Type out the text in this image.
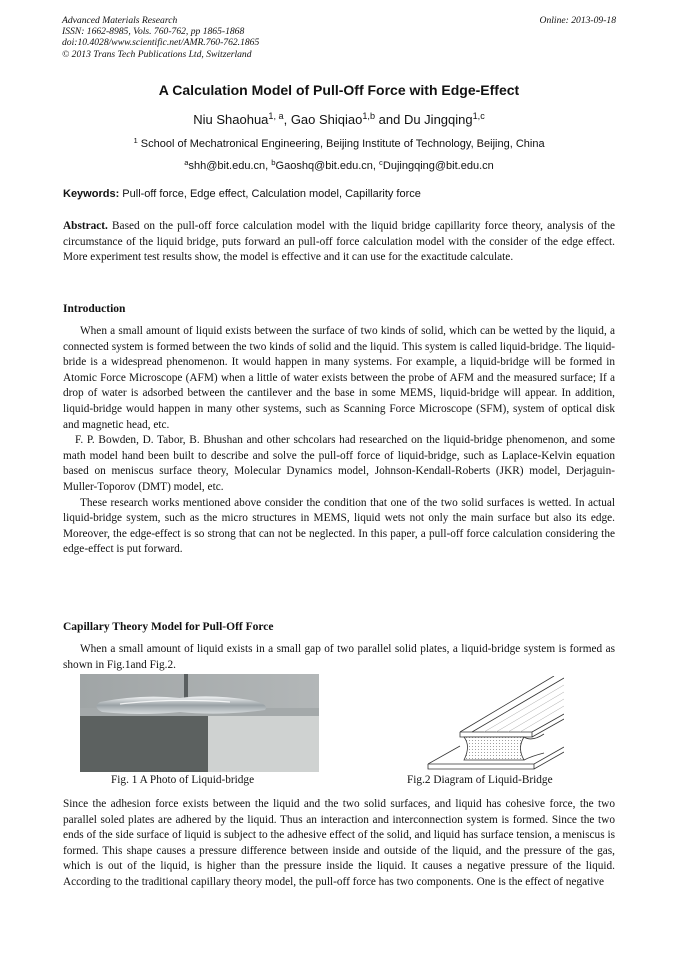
Advanced Materials Research
ISSN: 1662-8985, Vols. 760-762, pp 1865-1868
doi:10.4028/www.scientific.net/AMR.760-762.1865
© 2013 Trans Tech Publications Ltd, Switzerland
Online: 2013-09-18
A Calculation Model of Pull-Off Force with Edge-Effect
Niu Shaohua$^{1, a}$, Gao Shiqiao$^{1,b}$ and Du Jingqing$^{1,c}$
$^1$ School of Mechatronical Engineering, Beijing Institute of Technology, Beijing, China
$^a$shh@bit.edu.cn, $^b$Gaoshq@bit.edu.cn, $^c$Dujingqing@bit.edu.cn
Keywords: Pull-off force, Edge effect, Calculation model, Capillarity force

Abstract. Based on the pull-off force calculation model with the liquid bridge capillarity force theory, analysis of the circumstance of the liquid bridge, puts forward an pull-off force calculation model with the consider of the edge effect. More experiment test results show, the model is effective and it can use for the exactitude calculate.

Introduction

When a small amount of liquid exists between the surface of two kinds of solid, which can be wetted by the liquid, a connected system is formed between the two kinds of solid and the liquid. This system is called liquid-bridge. The liquid-bride is a widespread phenomenon. It would happen in many systems. For example, a liquid-bridge will be formed in Atomic Force Microscope (AFM) when a little of water exists between the probe of AFM and the measured surface; If a drop of water is adsorbed between the cantilever and the base in some MEMS, liquid-bridge will appear. In addition, liquid-bridge would happen in many other systems, such as Scanning Force Microscope (SFM), system of optical disk and magnetic head, etc.

F. P. Bowden, D. Tabor, B. Bhushan and other schcolars had researched on the liquid-bridge phenomenon, and some math model hand been built to describe and solve the pull-off force of liquid-bridge, such as Laplace-Kelvin equation based on meniscus surface theory, Molecular Dynamics model, Johnson-Kendall-Roberts (JKR) model, Derjaguin-Muller-Toporov (DMT) model, etc.

These research works mentioned above consider the condition that one of the two solid surfaces is wetted. In actual liquid-bridge system, such as the micro structures in MEMS, liquid wets not only the main surface but also its edge. Moreover, the edge-effect is so strong that can not be neglected. In this paper, a pull-off force calculation considering the edge-effect is put forward.

Capillary Theory Model for Pull-Off Force

When a small amount of liquid exists in a small gap of two parallel solid plates, a liquid-bridge system is formed as shown in Fig.1and Fig.2.

Fig. 1 A Photo of Liquid-bridge	Fig.2 Diagram of Liquid-Bridge

Since the adhesion force exists between the liquid and the two solid surfaces, and liquid has cohesive force, the two parallel soled plates are adhered by the liquid. Thus an interaction and interconnection system is formed. Since the two ends of the side surface of liquid is subject to the adhesive effect of the solid, and liquid has surface tension, a meniscus is formed. This shape causes a pressure difference between inside and outside of the liquid, and the pressure of the gas, which is out of the liquid, is higher than the pressure inside the liquid. It causes a negative pressure of the liquid. According to the traditional capillary theory model, the pull-off force has two components. One is the effect of negative
